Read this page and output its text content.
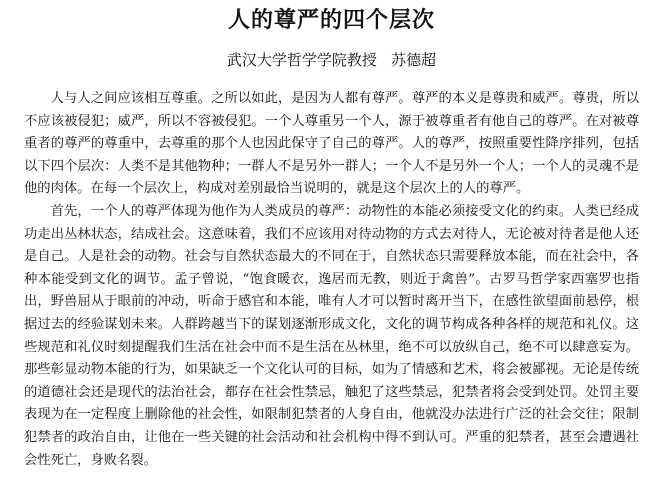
人的尊严的四个层次
武汉大学哲学学院教授   苏德超

人与人之间应该相互尊重。之所以如此，是因为人都有尊严。尊严的本义是尊贵和威严。尊贵，所以不应该被侵犯；威严，所以不容被侵犯。一个人尊重另一个人，源于被尊重者有他自己的尊严。在对被尊重者的尊严的尊重中，去尊重的那个人也因此保守了自己的尊严。人的尊严，按照重要性降序排列，包括以下四个层次：人类不是其他物种；一群人不是另外一群人；一个人不是另外一个人；一个人的灵魂不是他的肉体。在每一个层次上，构成对差别最恰当说明的，就是这个层次上的人的尊严。

首先，一个人的尊严体现为他作为人类成员的尊严：动物性的本能必须接受文化的约束。人类已经成功走出丛林状态，结成社会。这意味着，我们不应该用对待动物的方式去对待人，无论被对待者是他人还是自己。人是社会的动物。社会与自然状态最大的不同在于，自然状态只需要释放本能，而在社会中，各种本能受到文化的调节。孟子曾说，“饱食暖衣，逸居而无教，则近于禽兽”。古罗马哲学家西塞罗也指出，野兽屈从于眼前的冲动，听命于感官和本能，唯有人才可以暂时离开当下，在感性欲望面前悬停，根据过去的经验谋划未来。人群跨越当下的谋划逐渐形成文化，文化的调节构成各种各样的规范和礼仪。这些规范和礼仪时刻提醒我们生活在社会中而不是生活在丛林里，绝不可以放纵自己，绝不可以肆意妄为。那些彰显动物本能的行为，如果缺乏一个文化认可的目标，如为了情感和艺术，将会被鄙视。无论是传统的道德社会还是现代的法治社会，都存在社会性禁忌，触犯了这些禁忌，犯禁者将会受到处罚。处罚主要表现为在一定程度上删除他的社会性，如限制犯禁者的人身自由，他就没办法进行广泛的社会交往；限制犯禁者的政治自由，让他在一些关键的社会活动和社会机构中得不到认可。严重的犯禁者，甚至会遭遇社会性死亡，身败名裂。
